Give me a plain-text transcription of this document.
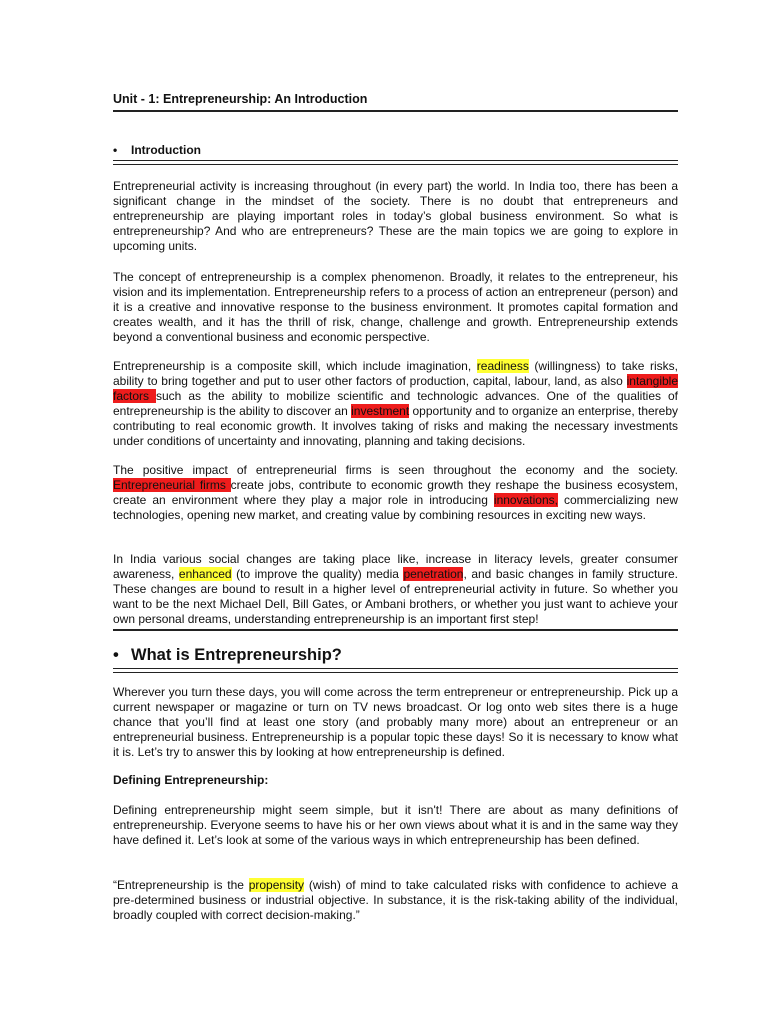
Unit - 1: Entrepreneurship: An Introduction
• Introduction

Entrepreneurial activity is increasing throughout (in every part) the world. In India too, there has been a significant change in the mindset of the society. There is no doubt that entrepreneurs and entrepreneurship are playing important roles in today’s global business environment. So what is entrepreneurship? And who are entrepreneurs? These are the main topics we are going to explore in upcoming units.

The concept of entrepreneurship is a complex phenomenon. Broadly, it relates to the entrepreneur, his vision and its implementation. Entrepreneurship refers to a process of action an entrepreneur (person) and it is a creative and innovative response to the business environment. It promotes capital formation and creates wealth, and it has the thrill of risk, change, challenge and growth. Entrepreneurship extends beyond a conventional business and economic perspective.

Entrepreneurship is a composite skill, which include imagination, readiness (willingness) to take risks, ability to bring together and put to user other factors of production, capital, labour, land, as also intangible factors such as the ability to mobilize scientific and technologic advances. One of the qualities of entrepreneurship is the ability to discover an investment opportunity and to organize an enterprise, thereby contributing to real economic growth. It involves taking of risks and making the necessary investments under conditions of uncertainty and innovating, planning and taking decisions.

The positive impact of entrepreneurial firms is seen throughout the economy and the society. Entrepreneurial firms create jobs, contribute to economic growth they reshape the business ecosystem, create an environment where they play a major role in introducing innovations, commercializing new technologies, opening new market, and creating value by combining resources in exciting new ways.

In India various social changes are taking place like, increase in literacy levels, greater consumer awareness, enhanced (to improve the quality) media penetration, and basic changes in family structure. These changes are bound to result in a higher level of entrepreneurial activity in future. So whether you want to be the next Michael Dell, Bill Gates, or Ambani brothers, or whether you just want to achieve your own personal dreams, understanding entrepreneurship is an important first step!

• What is Entrepreneurship?

Wherever you turn these days, you will come across the term entrepreneur or entrepreneurship. Pick up a current newspaper or magazine or turn on TV news broadcast. Or log onto web sites there is a huge chance that you’ll find at least one story (and probably many more) about an entrepreneur or an entrepreneurial business. Entrepreneurship is a popular topic these days! So it is necessary to know what it is. Let’s try to answer this by looking at how entrepreneurship is defined.

Defining Entrepreneurship:

Defining entrepreneurship might seem simple, but it isn't! There are about as many definitions of entrepreneurship. Everyone seems to have his or her own views about what it is and in the same way they have defined it. Let’s look at some of the various ways in which entrepreneurship has been defined.

“Entrepreneurship is the propensity (wish) of mind to take calculated risks with confidence to achieve a pre-determined business or industrial objective. In substance, it is the risk-taking ability of the individual, broadly coupled with correct decision-making.”
